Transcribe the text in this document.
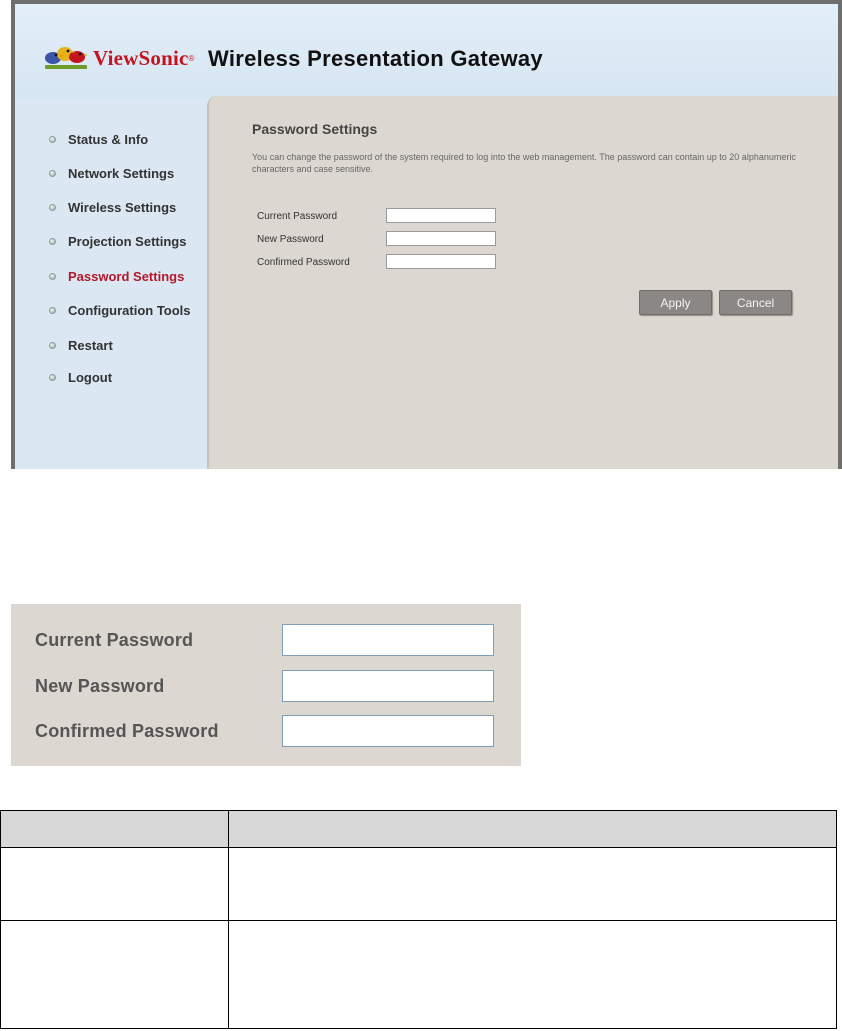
ViewSonic ® Wireless Presentation Gateway
Status & Info
Network Settings
Wireless Settings
Projection Settings
Password Settings
Configuration Tools
Restart
Logout
Password Settings
You can change the password of the system required to log into the web management. The password can contain up to 20 alphanumeric characters and case sensitive.
Current Password
New Password
Confirmed Password
Apply	Cancel
Current Password
New Password
Confirmed Password
